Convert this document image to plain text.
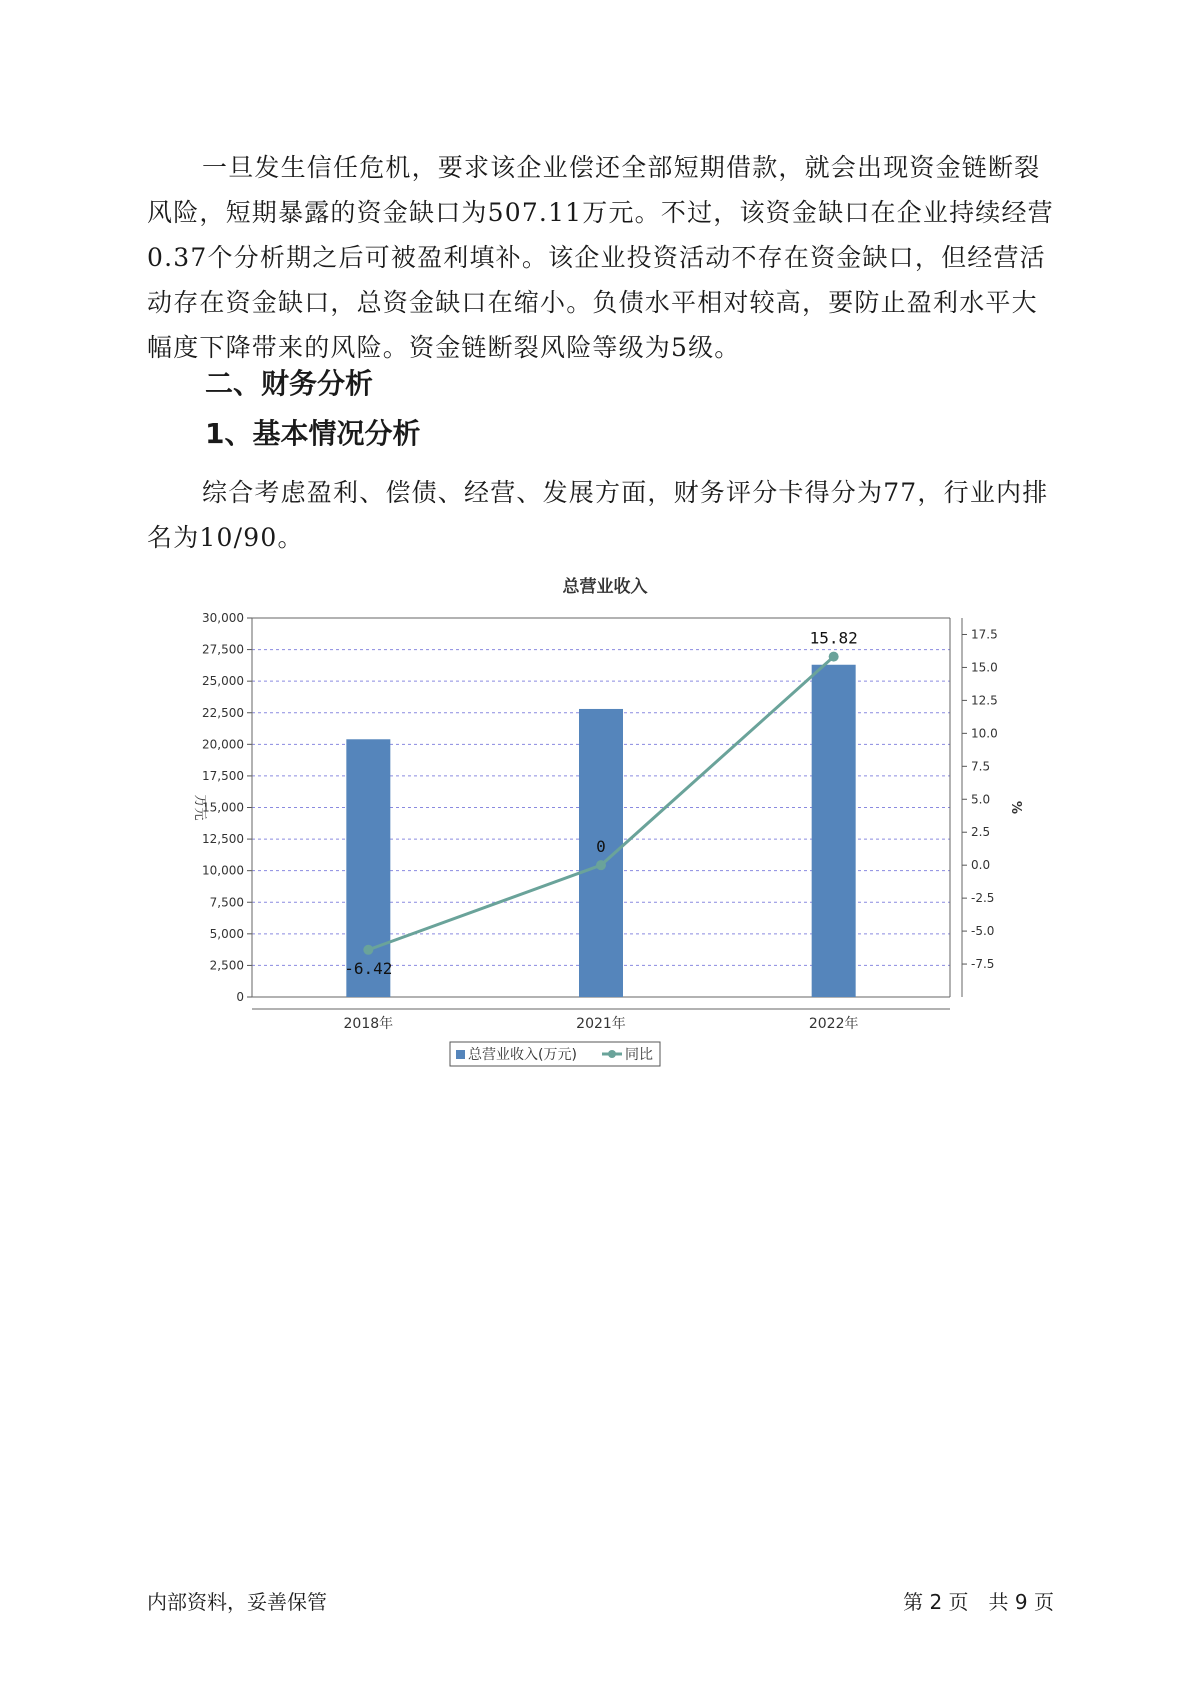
一旦发生信任危机，要求该企业偿还全部短期借款，就会出现资金链断裂风险，短期暴露的资金缺口为507.11万元。不过，该资金缺口在企业持续经营 0.37个分析期之后可被盈利填补。该企业投资活动不存在资金缺口，但经营活动存在资金缺口，总资金缺口在缩小。负债水平相对较高，要防止盈利水平大幅度下降带来的风险。资金链断裂风险等级为5级。

二、财务分析
1、基本情况分析

综合考虑盈利、偿债、经营、发展方面，财务评分卡得分为77，行业内排名为10/90。

总营业收入
0
2,500
5,000
7,500
10,000
12,500
15,000
17,500
20,000
22,500
25,000
27,500
30,000
-7.5
-5.0
-2.5
0.0
2.5
5.0
7.5
10.0
12.5
15.0
17.5
万元	%
2018年	2021年	2022年
-6.42
0
15.82
总营业收入(万元)	同比
内部资料，妥善保管	第 2 页　共 9 页
